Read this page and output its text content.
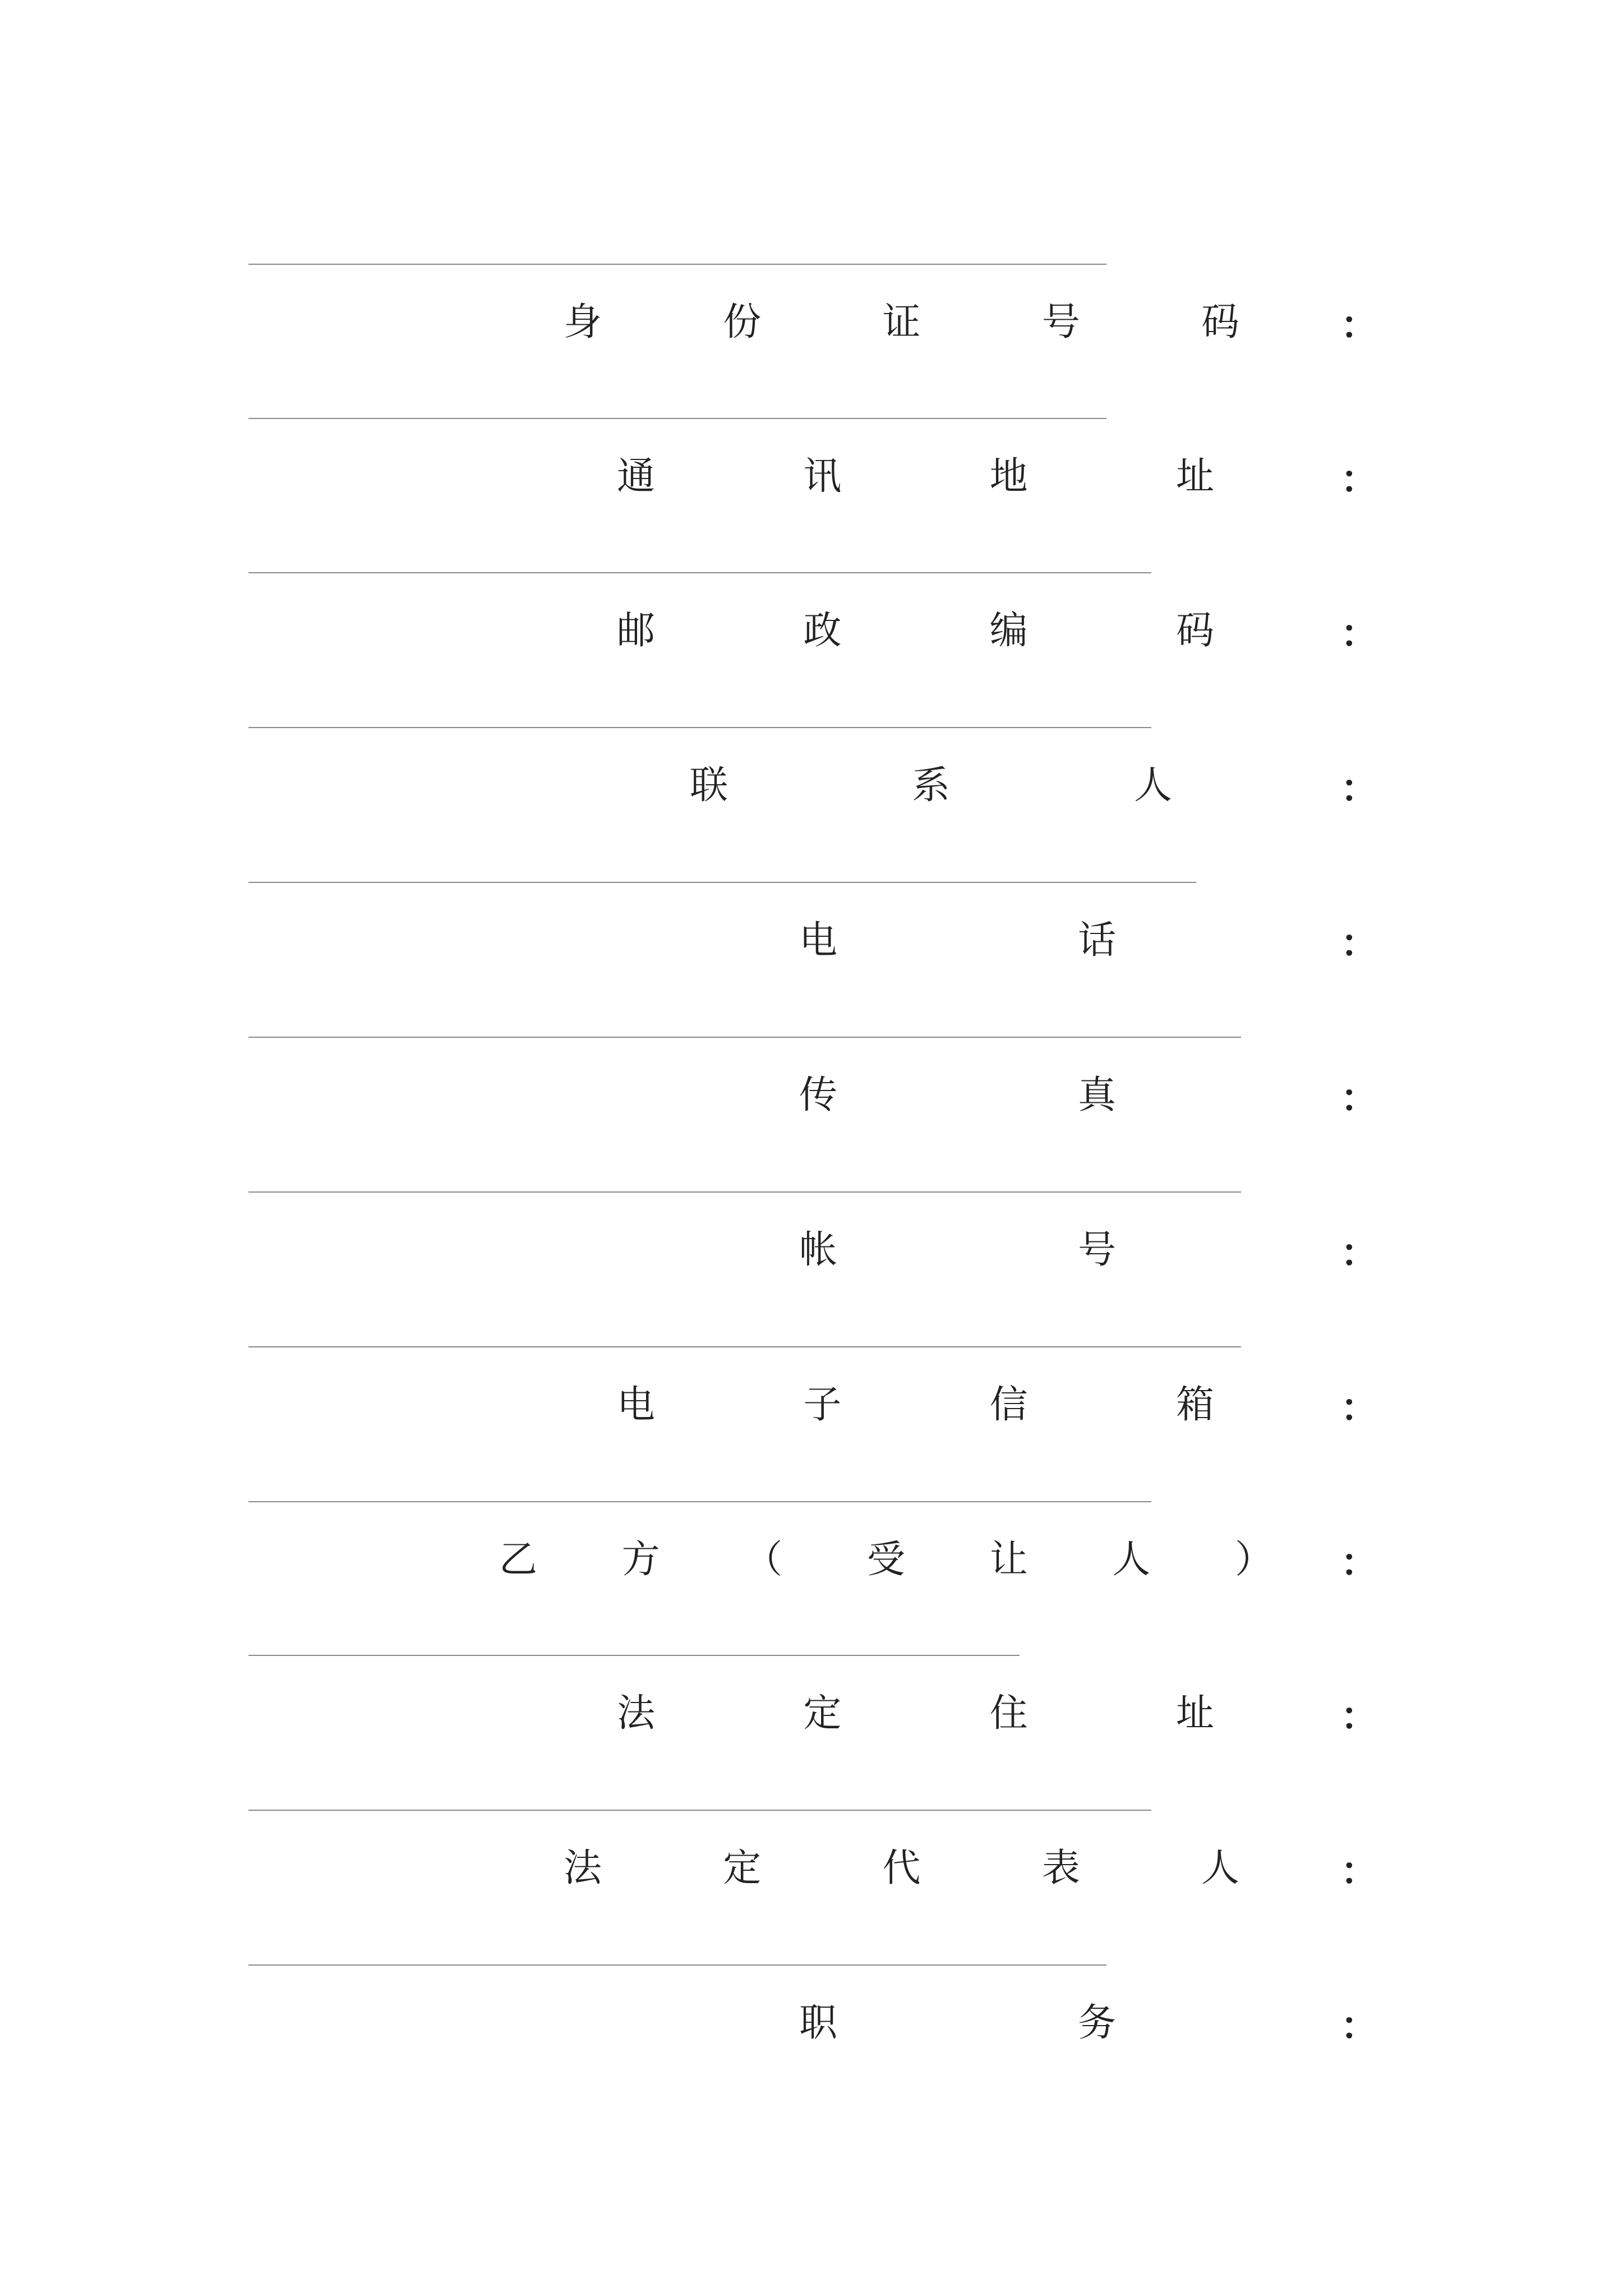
身	份	证	号	码	：
通	讯	地	址	：
邮	政	编	码	：
联	系	人	：
电	话	：
传	真	：
帐	号	：
电	子	信	箱	：
乙 方 （ 受 让 人 ） ：
法	定	住	址	：
法	定	代	表	人	：
职	务	：
